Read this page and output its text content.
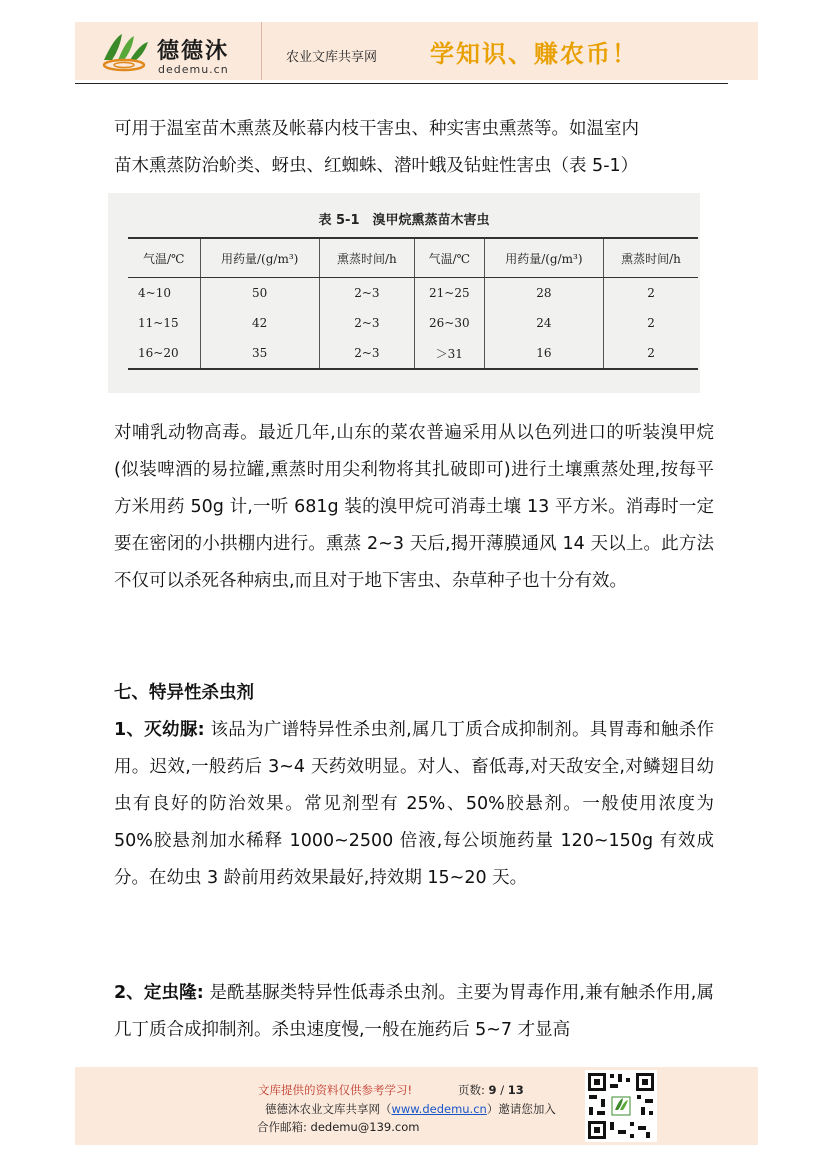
德德沐
dedemu.cn
农业文库共享网 学知识、赚农币！

可用于温室苗木熏蒸及帐幕内枝干害虫、种实害虫熏蒸等。如温室内
苗木熏蒸防治蚧类、蚜虫、红蜘蛛、潜叶蛾及钻蛀性害虫（表 5-1）

表 5-1　溴甲烷熏蒸苗木害虫
气温/℃	用药量/(g/m³)	熏蒸时间/h	气温/℃	用药量/(g/m³)	熏蒸时间/h
4~10	50	2~3	21~25	28	2
11~15	42	2~3	26~30	24	2
16~20	35	2~3	＞31	16	2

对哺乳动物高毒。最近几年,山东的菜农普遍采用从以色列进口的听装溴甲烷(似装啤酒的易拉罐,熏蒸时用尖利物将其扎破即可)进行土壤熏蒸处理,按每平方米用药 50g 计,一听 681g 装的溴甲烷可消毒土壤 13 平方米。消毒时一定要在密闭的小拱棚内进行。熏蒸 2~3 天后,揭开薄膜通风 14 天以上。此方法不仅可以杀死各种病虫,而且对于地下害虫、杂草种子也十分有效。

七、特异性杀虫剂

1、灭幼脲: 该品为广谱特异性杀虫剂,属几丁质合成抑制剂。具胃毒和触杀作用。迟效,一般药后 3~4 天药效明显。对人、畜低毒,对天敌安全,对鳞翅目幼虫有良好的防治效果。常见剂型有 25%、50%胶悬剂。一般使用浓度为 50%胶悬剂加水稀释 1000~2500 倍液,每公顷施药量 120~150g 有效成分。在幼虫 3 龄前用药效果最好,持效期 15~20 天。

2、定虫隆: 是酰基脲类特异性低毒杀虫剂。主要为胃毒作用,兼有触杀作用,属几丁质合成抑制剂。杀虫速度慢,一般在施药后 5~7 才显高

文库提供的资料仅供参考学习!	页数: 9 / 13
德德沐农业文库共享网（www.dedemu.cn）邀请您加入
合作邮箱: dedemu@139.com
